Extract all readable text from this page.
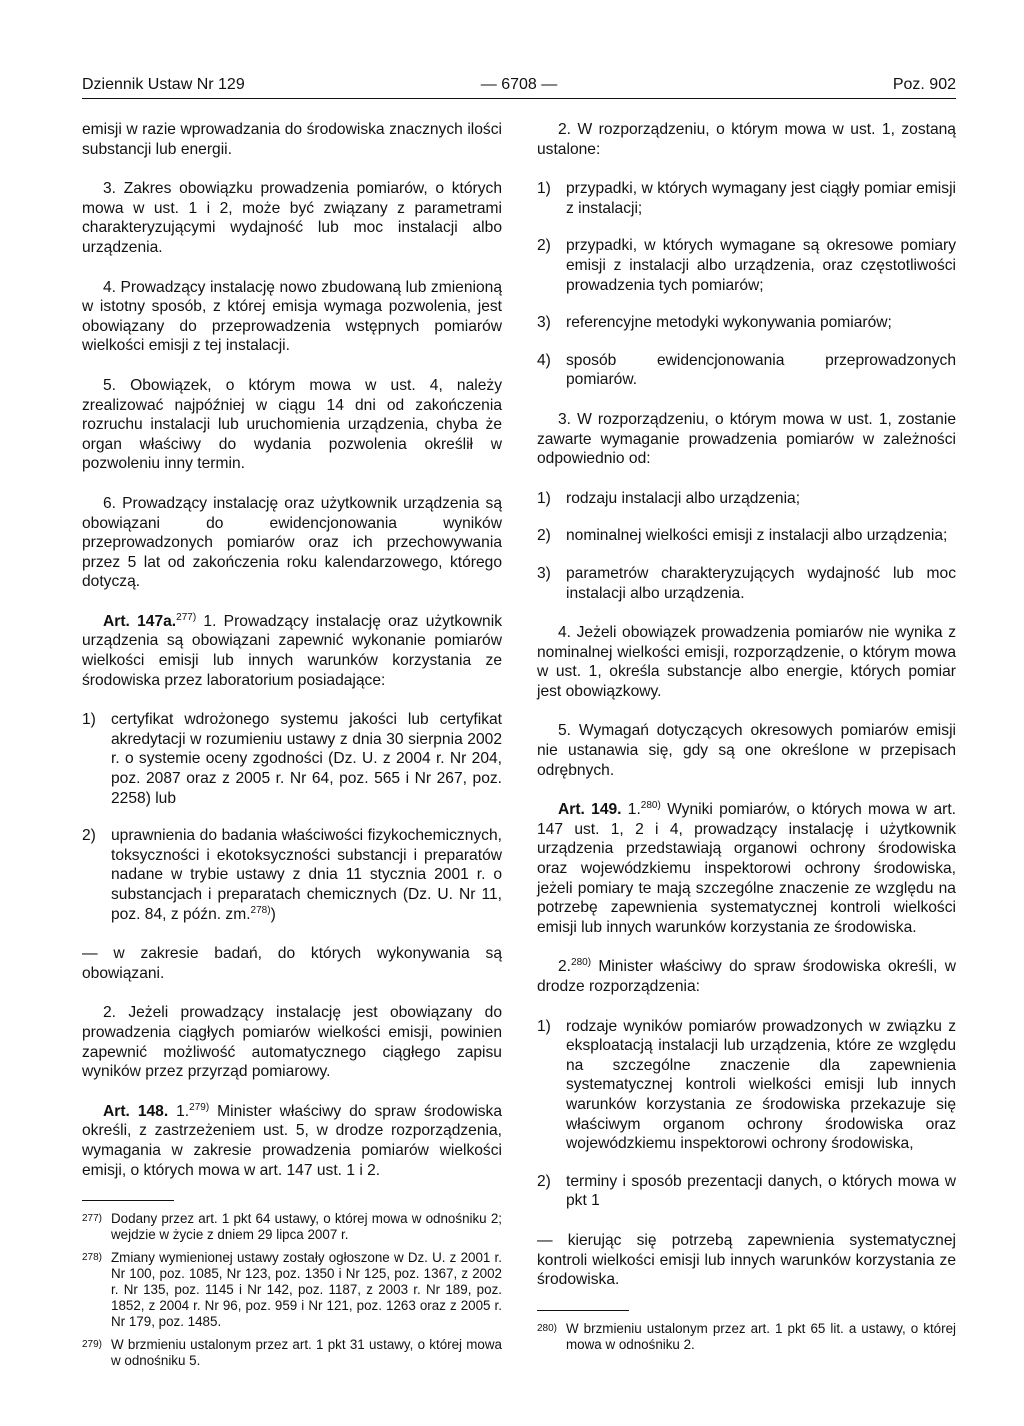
Dziennik Ustaw Nr 129	— 6708 —	Poz. 902

emisji w razie wprowadzania do środowiska znacznych ilości substancji lub energii.

3. Zakres obowiązku prowadzenia pomiarów, o których mowa w ust. 1 i 2, może być związany z parametrami charakteryzującymi wydajność lub moc instalacji albo urządzenia.

4. Prowadzący instalację nowo zbudowaną lub zmienioną w istotny sposób, z której emisja wymaga pozwolenia, jest obowiązany do przeprowadzenia wstępnych pomiarów wielkości emisji z tej instalacji.

5. Obowiązek, o którym mowa w ust. 4, należy zrealizować najpóźniej w ciągu 14 dni od zakończenia rozruchu instalacji lub uruchomienia urządzenia, chyba że organ właściwy do wydania pozwolenia określił w pozwoleniu inny termin.

6. Prowadzący instalację oraz użytkownik urządzenia są obowiązani do ewidencjonowania wyników przeprowadzonych pomiarów oraz ich przechowywania przez 5 lat od zakończenia roku kalendarzowego, którego dotyczą.

Art. 147a.$^{277)}$ 1. Prowadzący instalację oraz użytkownik urządzenia są obowiązani zapewnić wykonanie pomiarów wielkości emisji lub innych warunków korzystania ze środowiska przez laboratorium posiadające:

1) certyfikat wdrożonego systemu jakości lub certyfikat akredytacji w rozumieniu ustawy z dnia 30 sierpnia 2002 r. o systemie oceny zgodności (Dz. U. z 2004 r. Nr 204, poz. 2087 oraz z 2005 r. Nr 64, poz. 565 i Nr 267, poz. 2258) lub
2) uprawnienia do badania właściwości fizykochemicznych, toksyczności i ekotoksyczności substancji i preparatów nadane w trybie ustawy z dnia 11 stycznia 2001 r. o substancjach i preparatach chemicznych (Dz. U. Nr 11, poz. 84, z późn. zm.$^{278)}$)

— w zakresie badań, do których wykonywania są obowiązani.

2. Jeżeli prowadzący instalację jest obowiązany do prowadzenia ciągłych pomiarów wielkości emisji, powinien zapewnić możliwość automatycznego ciągłego zapisu wyników przez przyrząd pomiarowy.

Art. 148. 1.$^{279)}$ Minister właściwy do spraw środowiska określi, z zastrzeżeniem ust. 5, w drodze rozporządzenia, wymagania w zakresie prowadzenia pomiarów wielkości emisji, o których mowa w art. 147 ust. 1 i 2.

277) Dodany przez art. 1 pkt 64 ustawy, o której mowa w odnośniku 2; wejdzie w życie z dniem 29 lipca 2007 r.
278) Zmiany wymienionej ustawy zostały ogłoszone w Dz. U. z 2001 r. Nr 100, poz. 1085, Nr 123, poz. 1350 i Nr 125, poz. 1367, z 2002 r. Nr 135, poz. 1145 i Nr 142, poz. 1187, z 2003 r. Nr 189, poz. 1852, z 2004 r. Nr 96, poz. 959 i Nr 121, poz. 1263 oraz z 2005 r. Nr 179, poz. 1485.
279) W brzmieniu ustalonym przez art. 1 pkt 31 ustawy, o której mowa w odnośniku 5.

2. W rozporządzeniu, o którym mowa w ust. 1, zostaną ustalone:

1) przypadki, w których wymagany jest ciągły pomiar emisji z instalacji;
2) przypadki, w których wymagane są okresowe pomiary emisji z instalacji albo urządzenia, oraz częstotliwości prowadzenia tych pomiarów;
3) referencyjne metodyki wykonywania pomiarów;
4) sposób ewidencjonowania przeprowadzonych pomiarów.

3. W rozporządzeniu, o którym mowa w ust. 1, zostanie zawarte wymaganie prowadzenia pomiarów w zależności odpowiednio od:

1) rodzaju instalacji albo urządzenia;
2) nominalnej wielkości emisji z instalacji albo urządzenia;
3) parametrów charakteryzujących wydajność lub moc instalacji albo urządzenia.

4. Jeżeli obowiązek prowadzenia pomiarów nie wynika z nominalnej wielkości emisji, rozporządzenie, o którym mowa w ust. 1, określa substancje albo energie, których pomiar jest obowiązkowy.

5. Wymagań dotyczących okresowych pomiarów emisji nie ustanawia się, gdy są one określone w przepisach odrębnych.

Art. 149. 1.$^{280)}$ Wyniki pomiarów, o których mowa w art. 147 ust. 1, 2 i 4, prowadzący instalację i użytkownik urządzenia przedstawiają organowi ochrony środowiska oraz wojewódzkiemu inspektorowi ochrony środowiska, jeżeli pomiary te mają szczególne znaczenie ze względu na potrzebę zapewnienia systematycznej kontroli wielkości emisji lub innych warunków korzystania ze środowiska.

2.$^{280)}$ Minister właściwy do spraw środowiska określi, w drodze rozporządzenia:

1) rodzaje wyników pomiarów prowadzonych w związku z eksploatacją instalacji lub urządzenia, które ze względu na szczególne znaczenie dla zapewnienia systematycznej kontroli wielkości emisji lub innych warunków korzystania ze środowiska przekazuje się właściwym organom ochrony środowiska oraz wojewódzkiemu inspektorowi ochrony środowiska,
2) terminy i sposób prezentacji danych, o których mowa w pkt 1

— kierując się potrzebą zapewnienia systematycznej kontroli wielkości emisji lub innych warunków korzystania ze środowiska.

280) W brzmieniu ustalonym przez art. 1 pkt 65 lit. a ustawy, o której mowa w odnośniku 2.
